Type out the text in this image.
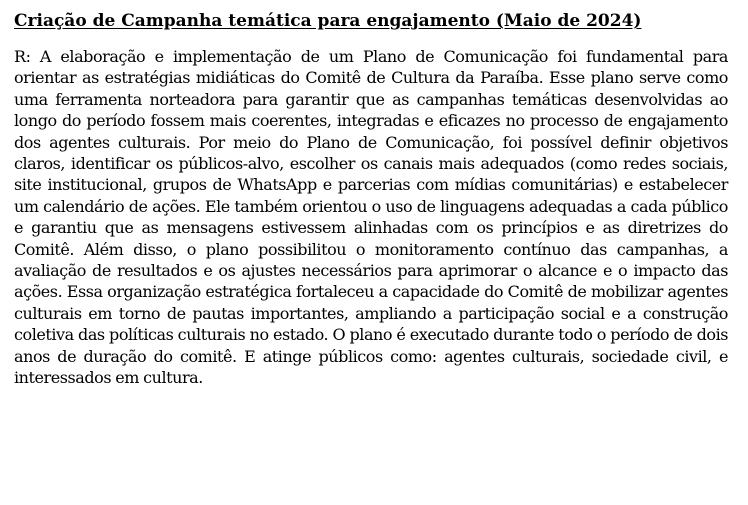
Criação de Campanha temática para engajamento (Maio de 2024)

R: A elaboração e implementação de um Plano de Comunicação foi fundamental para orientar as estratégias midiáticas do Comitê de Cultura da Paraíba. Esse plano serve como uma ferramenta norteadora para garantir que as campanhas temáticas desenvolvidas ao longo do período fossem mais coerentes, integradas e eficazes no processo de engajamento dos agentes culturais. Por meio do Plano de Comunicação, foi possível definir objetivos claros, identificar os públicos-alvo, escolher os canais mais adequados (como redes sociais, site institucional, grupos de WhatsApp e parcerias com mídias comunitárias) e estabelecer um calendário de ações. Ele também orientou o uso de linguagens adequadas a cada público e garantiu que as mensagens estivessem alinhadas com os princípios e as diretrizes do Comitê. Além disso, o plano possibilitou o monitoramento contínuo das campanhas, a avaliação de resultados e os ajustes necessários para aprimorar o alcance e o impacto das ações. Essa organização estratégica fortaleceu a capacidade do Comitê de mobilizar agentes culturais em torno de pautas importantes, ampliando a participação social e a construção coletiva das políticas culturais no estado. O plano é executado durante todo o período de dois anos de duração do comitê. E atinge públicos como: agentes culturais, sociedade civil, e interessados em cultura.
